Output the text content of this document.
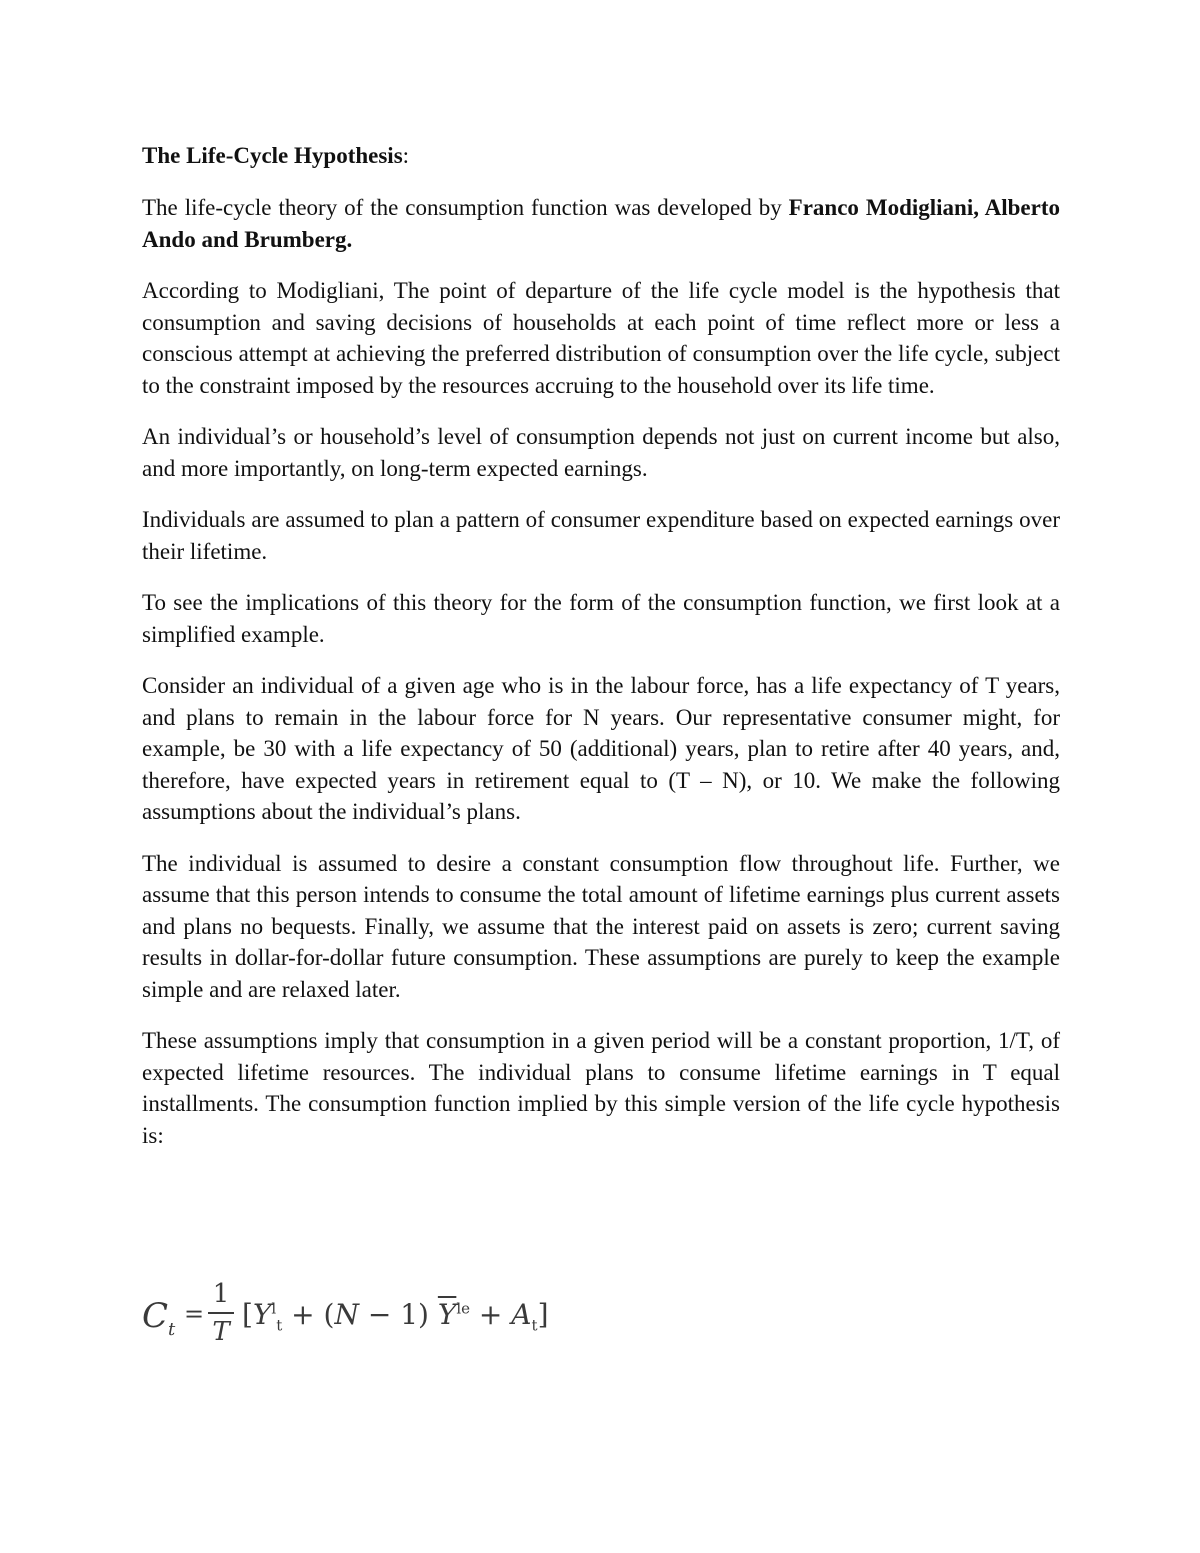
The Life-Cycle Hypothesis:

The life-cycle theory of the consumption function was developed by Franco Modigliani, Alberto Ando and Brumberg.

According to Modigliani, The point of departure of the life cycle model is the hypothesis that consumption and saving decisions of households at each point of time reflect more or less a conscious attempt at achieving the preferred distribution of consumption over the life cycle, subject to the constraint imposed by the resources accruing to the household over its life time.

An individual’s or household’s level of consumption depends not just on current income but also, and more importantly, on long-term expected earnings.

Individuals are assumed to plan a pattern of consumer expenditure based on expected earnings over their lifetime.

To see the implications of this theory for the form of the consumption function, we first look at a simplified example.

Consider an individual of a given age who is in the labour force, has a life expectancy of T years, and plans to remain in the labour force for N years. Our representative consumer might, for example, be 30 with a life expectancy of 50 (additional) years, plan to retire after 40 years, and, therefore, have expected years in retirement equal to (T – N), or 10. We make the following assumptions about the individual’s plans.

The individual is assumed to desire a constant consumption flow throughout life. Further, we assume that this person intends to consume the total amount of lifetime earnings plus current assets and plans no bequests. Finally, we assume that the interest paid on assets is zero; current saving results in dollar-for-dollar future consumption. These assumptions are purely to keep the example simple and are relaxed later.

These assumptions imply that consumption in a given period will be a constant proportion, 1/T, of expected lifetime resources. The individual plans to consume lifetime earnings in T equal installments. The consumption function implied by this simple version of the life cycle hypothesis is:

$C_t$
=
1
T
$[Y^l_t + (N - 1) \overline{Y}^{le} + A_t]$
